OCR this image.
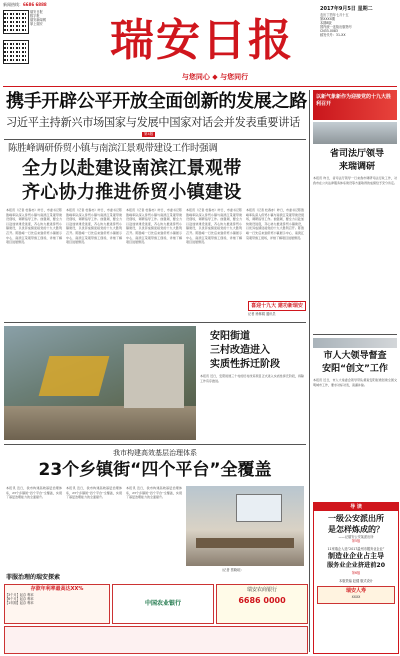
新闻热线：6686 6888
瑞安日报
数字报
瑞安新闻网
掌上瑞安	瑞安日报
与您同心 ◆ 与您同行
2017年9月5日 星期二
农历丁酉年七月十五
第XXXX期
本期8版
国内统一连续出版物号
CN33-0083
邮发代号：31-XX
携手开辟公平开放全面创新的发展之路
习近平主持新兴市场国家与发展中国家对话会并发表重要讲话
第4版
陈胜峰调研侨贸小镇与南滨江景观带建设工作时强调
全力以赴建设南滨江景观带
齐心协力推进侨贸小镇建设
本报讯（记者 杜春亦）昨日，市委书记陈胜峰率队深入侨贸小镇与南滨江景观带建设现场，调研指导工作。他强调，要全力以赴加快建设进度，齐心协力推进侨贸小镇建设，以优异成绩迎接党的十九大胜利召开。陈胜峰一行先后来到侨贸小镇展示中心、南滨江景观带施工现场，详细了解项目进展情况。
本报讯（记者 杜春亦）昨日，市委书记陈胜峰率队深入侨贸小镇与南滨江景观带建设现场，调研指导工作。他强调，要全力以赴加快建设进度，齐心协力推进侨贸小镇建设，以优异成绩迎接党的十九大胜利召开。陈胜峰一行先后来到侨贸小镇展示中心、南滨江景观带施工现场，详细了解项目进展情况。
本报讯（记者 杜春亦）昨日，市委书记陈胜峰率队深入侨贸小镇与南滨江景观带建设现场，调研指导工作。他强调，要全力以赴加快建设进度，齐心协力推进侨贸小镇建设，以优异成绩迎接党的十九大胜利召开。陈胜峰一行先后来到侨贸小镇展示中心、南滨江景观带施工现场，详细了解项目进展情况。
本报讯（记者 杜春亦）昨日，市委书记陈胜峰率队深入侨贸小镇与南滨江景观带建设现场，调研指导工作。他强调，要全力以赴加快建设进度，齐心协力推进侨贸小镇建设，以优异成绩迎接党的十九大胜利召开。陈胜峰一行先后来到侨贸小镇展示中心、南滨江景观带施工现场，详细了解项目进展情况。
本报讯（记者 杜春亦）昨日，市委书记陈胜峰率队深入侨贸小镇与南滨江景观带建设现场，调研指导工作。他强调，要全力以赴加快建设进度，齐心协力推进侨贸小镇建设，以优异成绩迎接党的十九大胜利召开。陈胜峰一行先后来到侨贸小镇展示中心、南滨江景观带施工现场，详细了解项目进展情况。
喜迎十九大 建功新瑞安
记者 徐林娟 通讯员
安阳街道
三村改造进入
实质性拆迁阶段
本报讯 近日，安阳街道三个村的旧村改造项目正式进入实质性拆迁阶段，拆除工作有序推进。
我市构建高效基层治理体系
23个乡镇街“四个平台”全覆盖
本报讯 近日，我市构建高效基层治理体系，23个乡镇街“四个平台”全覆盖，实现了基层治理能力的全面提升。
本报讯 近日，我市构建高效基层治理体系，23个乡镇街“四个平台”全覆盖，实现了基层治理能力的全面提升。
本报讯 近日，我市构建高效基层治理体系，23个乡镇街“四个平台”全覆盖，实现了基层治理能力的全面提升。
（记者 蔡晓坦）
菲服治理的瑞安探索
存款年利率最高达XX%
【3个月】起存 利率
【6个月】起存 利率
【1年期】起存 利率	中国农业银行
瑞安农商银行
6686 0000
以新气象新作为迎接党的十九大胜利召开
省司法厅领导
来瑞调研
本报讯 昨日，省司法厅领导一行来我市调研司法行政工作，对我市在公共法律服务体系建设等方面取得的成绩给予充分肯定。
市人大领导督查
安阳“创文”工作
本报讯 近日，市人大常委会领导带队督查安阳街道创建全国文明城市工作，要求对标对表，查漏补缺。
导 读
一级公安派出所
是怎样炼成的？
——记瑞安公安某派出所
第5版
11家瑞企入选“2017温州市服务业企业”
制造业企业占主导
服务业企业挤进前20
第6版
本版责编 赵健 版式设计
瑞安人寿
XXXX
